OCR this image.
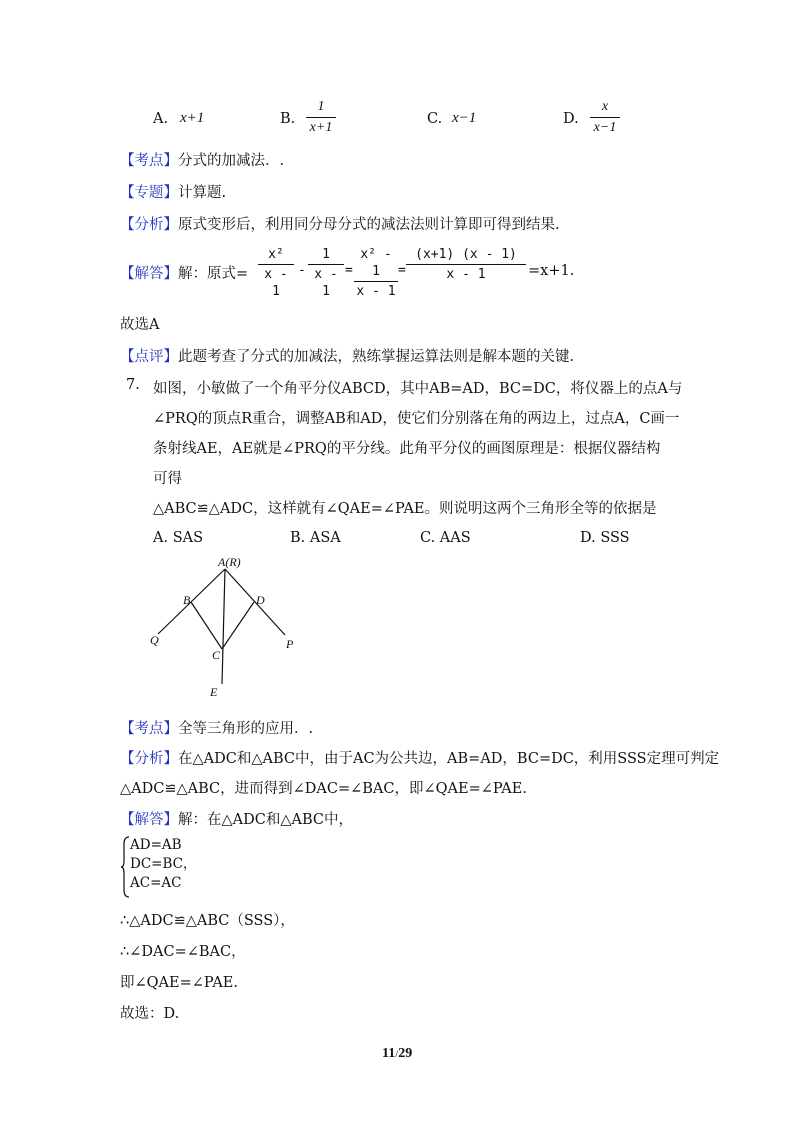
A. x+1	B.
1
x+1
C. x−1	D.
x
x−1
【考点】分式的加减法．.
【专题】计算题.
【分析】原式变形后，利用同分母分式的减法法则计算即可得到结果.
【解答】解：原式=
x²
x - 1
-
1
x - 1
=
x² - 1
x - 1
=
(x+1) (x - 1)
x - 1	=x+1.
故选A
【点评】此题考查了分式的加减法，熟练掌握运算法则是解本题的关键.
7. 如图，小敏做了一个角平分仪ABCD，其中AB=AD，BC=DC，将仪器上的点A与
∠PRQ的顶点R重合，调整AB和AD，使它们分别落在角的两边上，过点A，C画一
条射线AE，AE就是∠PRQ的平分线。此角平分仪的画图原理是：根据仪器结构
可得
△ABC≌△ADC，这样就有∠QAE=∠PAE。则说明这两个三角形全等的依据是
A. SAS	B. ASA	C. AAS	D. SSS
A(R)
B	D
C
Q	P
E
【考点】全等三角形的应用．.
【分析】在△ADC和△ABC中，由于AC为公共边，AB=AD，BC=DC，利用SSS定理可判定
△ADC≌△ABC，进而得到∠DAC=∠BAC，即∠QAE=∠PAE.
【解答】解：在△ADC和△ABC中，
AD=AB
DC=BC，
AC=AC
∴△ADC≌△ABC（SSS），
∴∠DAC=∠BAC，
即∠QAE=∠PAE.
故选：D.
11/29
